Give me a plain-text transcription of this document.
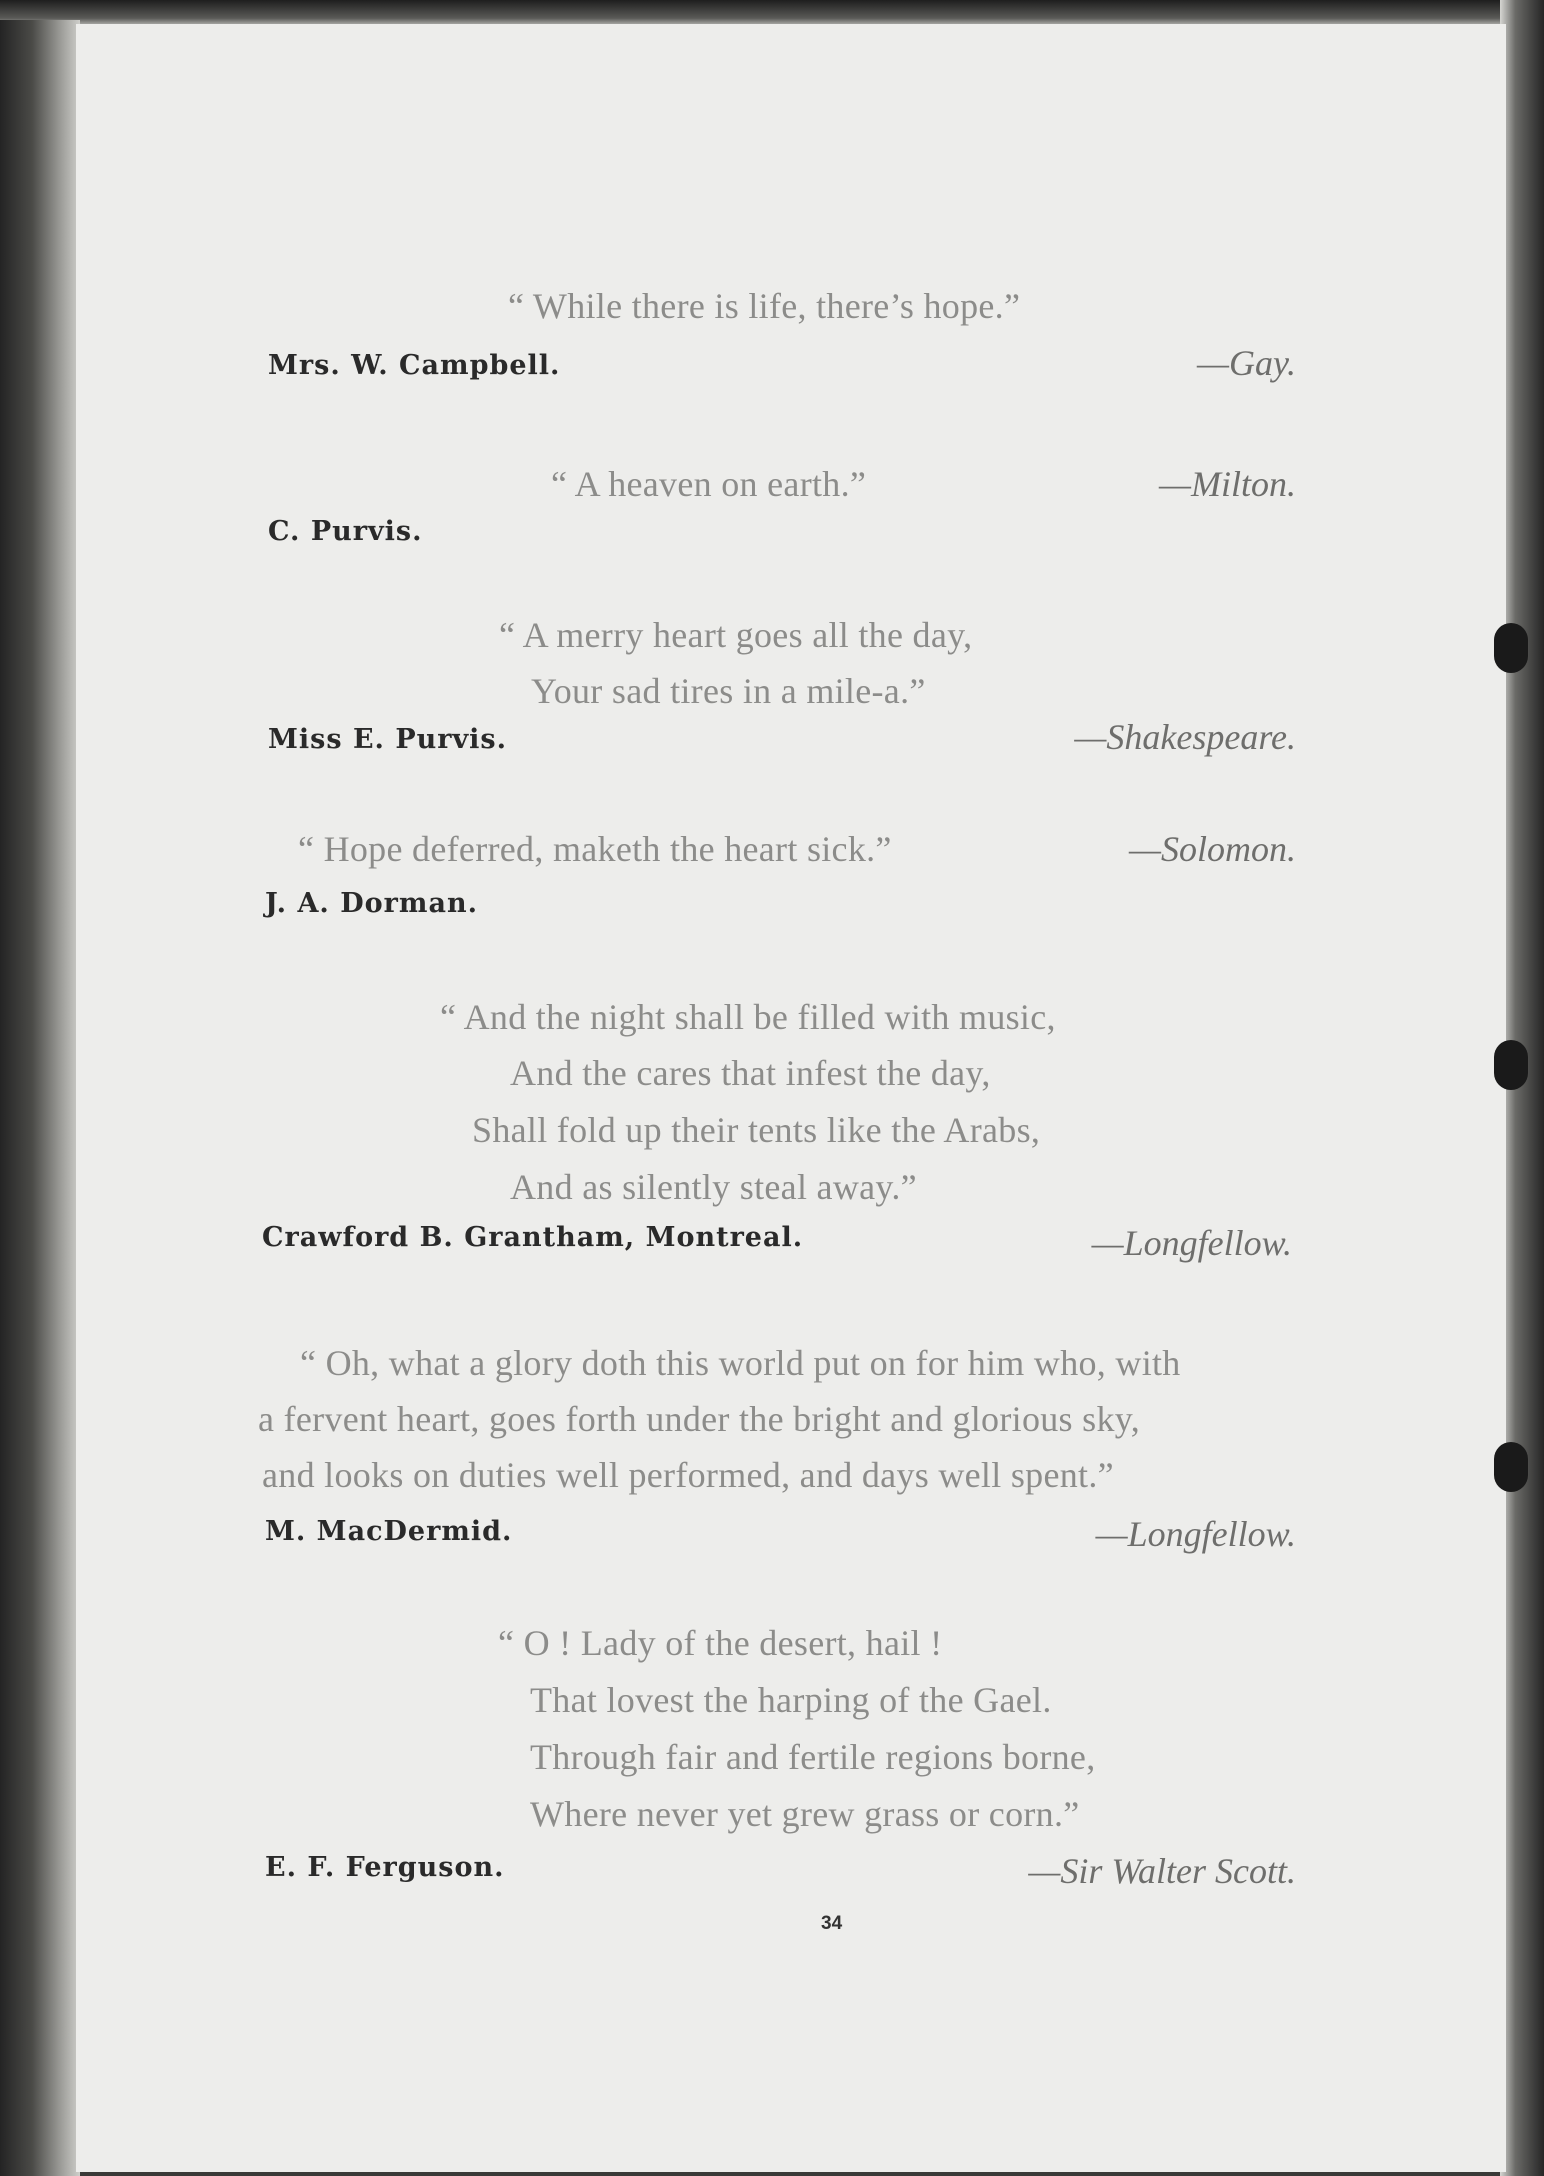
“ While there is life, there’s hope.”

Mrs. W. Campbell.	—Gay.

“ A heaven on earth.”	—Milton.

C. Purvis.

“ A merry heart goes all the day,

Your sad tires in a mile-a.”

Miss E. Purvis.	—Shakespeare.

“ Hope deferred, maketh the heart sick.”	—Solomon.

J. A. Dorman.

“ And the night shall be filled with music,

And the cares that infest the day,

Shall fold up their tents like the Arabs,

And as silently steal away.”

Crawford B. Grantham, Montreal.	—Longfellow.

“ Oh, what a glory doth this world put on for him who, with

a fervent heart, goes forth under the bright and glorious sky,

and looks on duties well performed, and days well spent.”

M. MacDermid.	—Longfellow.

“ O ! Lady of the desert, hail !

That lovest the harping of the Gael.

Through fair and fertile regions borne,

Where never yet grew grass or corn.”

E. F. Ferguson.	—Sir Walter Scott.

34
